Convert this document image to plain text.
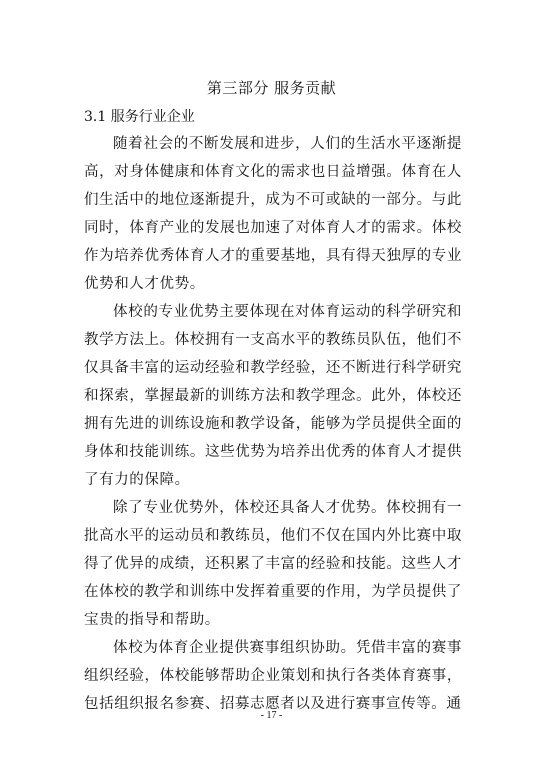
第三部分 服务贡献
3.1 服务行业企业

随着社会的不断发展和进步，人们的生活水平逐渐提高，对身体健康和体育文化的需求也日益增强。体育在人们生活中的地位逐渐提升，成为不可或缺的一部分。与此同时，体育产业的发展也加速了对体育人才的需求。体校作为培养优秀体育人才的重要基地，具有得天独厚的专业优势和人才优势。

体校的专业优势主要体现在对体育运动的科学研究和教学方法上。体校拥有一支高水平的教练员队伍，他们不仅具备丰富的运动经验和教学经验，还不断进行科学研究和探索，掌握最新的训练方法和教学理念。此外，体校还拥有先进的训练设施和教学设备，能够为学员提供全面的身体和技能训练。这些优势为培养出优秀的体育人才提供了有力的保障。

除了专业优势外，体校还具备人才优势。体校拥有一批高水平的运动员和教练员，他们不仅在国内外比赛中取得了优异的成绩，还积累了丰富的经验和技能。这些人才在体校的教学和训练中发挥着重要的作用，为学员提供了宝贵的指导和帮助。

体校为体育企业提供赛事组织协助。凭借丰富的赛事组织经验，体校能够帮助企业策划和执行各类体育赛事，包括组织报名参赛、招募志愿者以及进行赛事宣传等。通

- 17 -
